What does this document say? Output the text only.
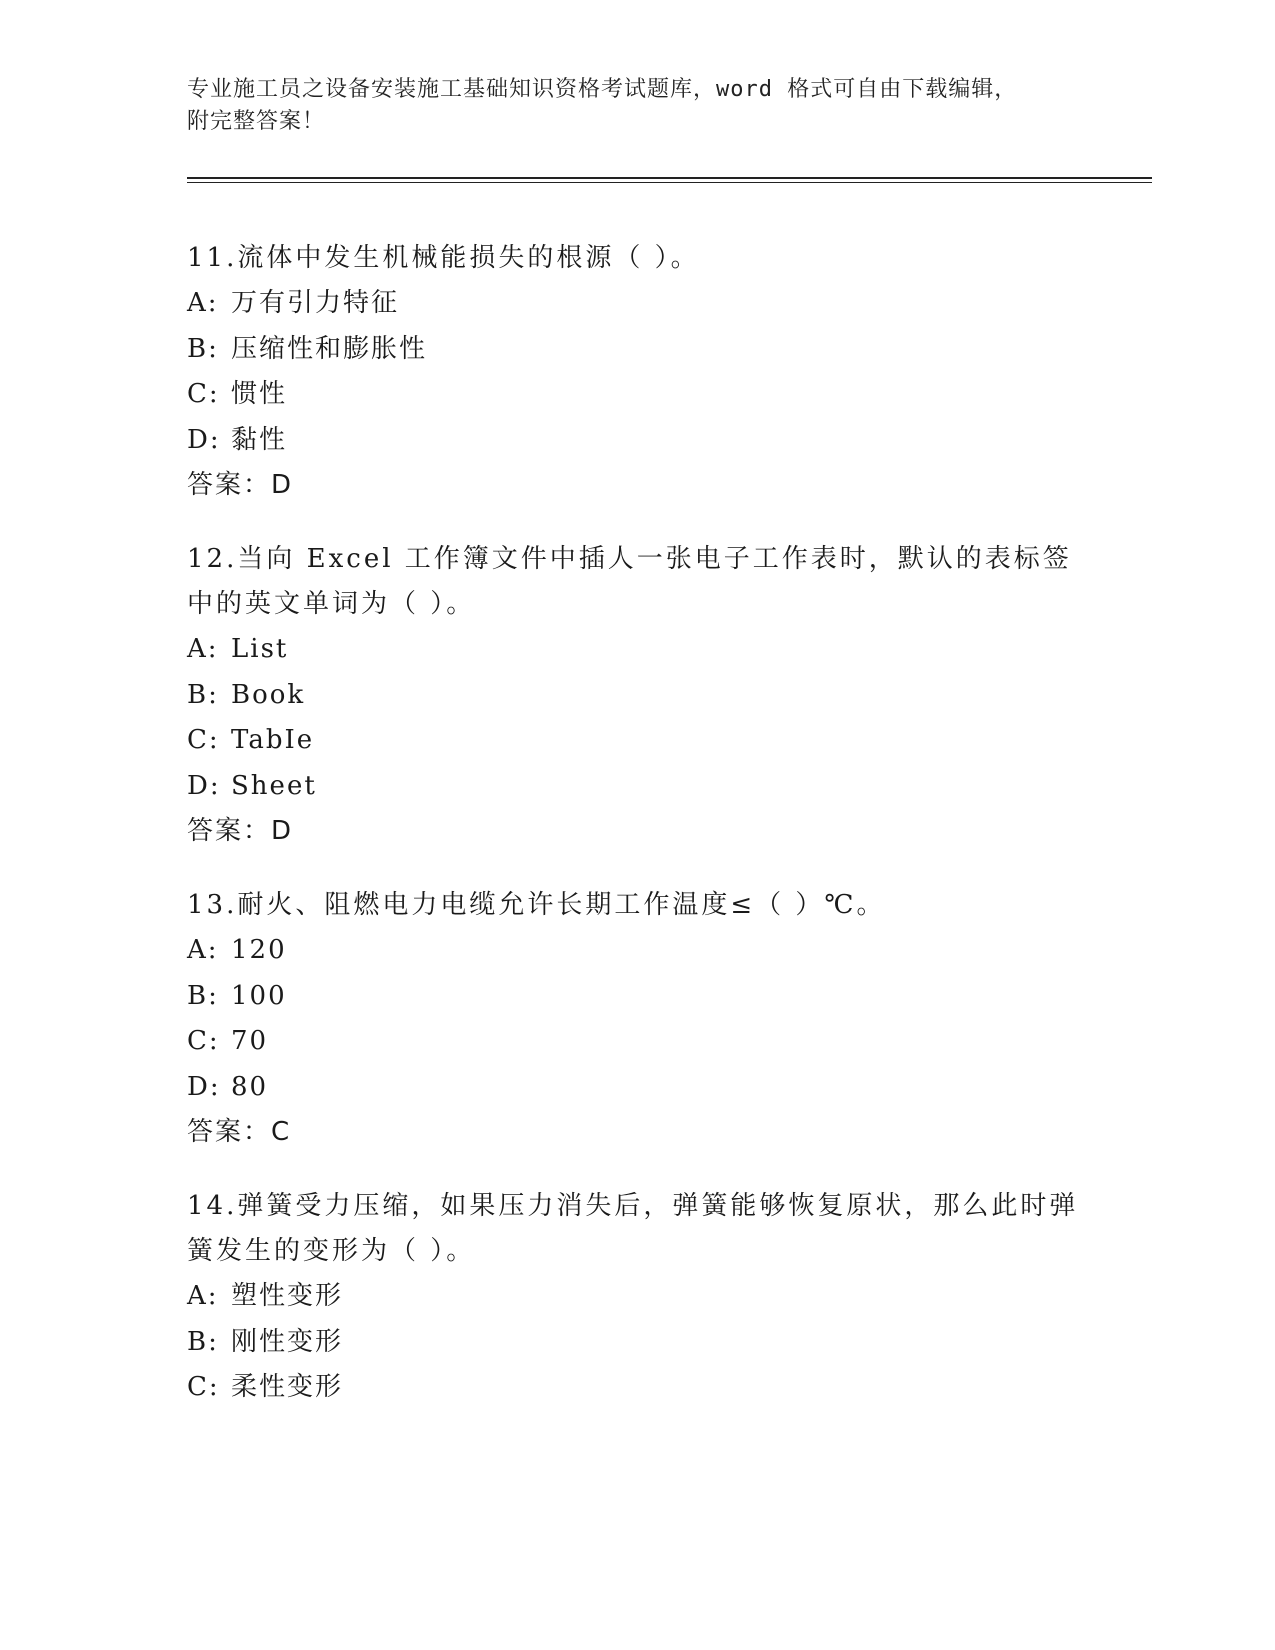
专业施工员之设备安装施工基础知识资格考试题库，word 格式可自由下载编辑，
附完整答案！
11.流体中发生机械能损失的根源（ ）。
A: 万有引力特征
B: 压缩性和膨胀性
C: 惯性
D: 黏性
答案：D
12.当向 Excel 工作簿文件中插人一张电子工作表时，默认的表标签中的英文单词为（ ）。
A: List
B: Book
C: TabIe
D: Sheet
答案：D
13.耐火、阻燃电力电缆允许长期工作温度≤（ ）℃。
A: 120
B: 100
C: 70
D: 80
答案：C
14.弹簧受力压缩，如果压力消失后，弹簧能够恢复原状，那么此时弹簧发生的变形为（ ）。
A: 塑性变形
B: 刚性变形
C: 柔性变形
